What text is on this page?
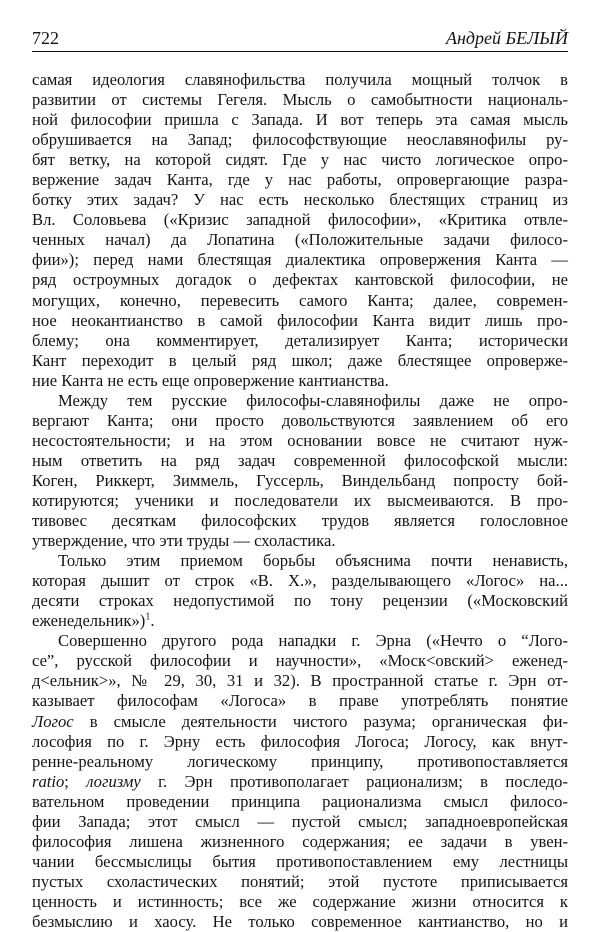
722	Андрей БЕЛЫЙ
самая идеология славянофильства получила мощный толчок в
развитии от системы Гегеля. Мысль о самобытности националь-
ной философии пришла с Запада. И вот теперь эта самая мысль
обрушивается на Запад; философствующие неославянофилы ру-
бят ветку, на которой сидят. Где у нас чисто логическое опро-
вержение задач Канта, где у нас работы, опровергающие разра-
ботку этих задач? У нас есть несколько блестящих страниц из
Вл. Соловьева («Кризис западной философии», «Критика отвле-
ченных начал) да Лопатина («Положительные задачи филосо-
фии»); перед нами блестящая диалектика опровержения Канта —
ряд остроумных догадок о дефектах кантовской философии, не
могущих, конечно, перевесить самого Канта; далее, современ-
ное неокантианство в самой философии Канта видит лишь про-
блему; она комментирует, детализирует Канта; исторически
Кант переходит в целый ряд школ; даже блестящее опроверже-
ние Канта не есть еще опровержение кантианства.
Между тем русские философы-славянофилы даже не опро-
вергают Канта; они просто довольствуются заявлением об его
несостоятельности; и на этом основании вовсе не считают нуж-
ным ответить на ряд задач современной философской мысли:
Коген, Риккерт, Зиммель, Гуссерль, Виндельбанд попросту бой-
котируются; ученики и последователи их высмеиваются. В про-
тивовес десяткам философских трудов является голословное
утверждение, что эти труды — схоластика.
Только этим приемом борьбы объяснима почти ненависть,
которая дышит от строк «В. Х.», разделывающего «Логос» на...
десяти строках недопустимой по тону рецензии («Московский
еженедельник»)$^1$.
Совершенно другого рода нападки г. Эрна («Нечто о “Лого-
се”, русской философии и научности», «Моск<овский> еженед-
д<ельник>», № 29, 30, 31 и 32). В пространной статье г. Эрн от-
казывает философам «Логоса» в праве употреблять понятие
Логос в смысле деятельности чистого разума; органическая фи-
лософия по г. Эрну есть философия Логоса; Логосу, как внут-
ренне-реальному логическому принципу, противопоставляется
ratio; логизму г. Эрн противополагает рационализм; в последо-
вательном проведении принципа рационализма смысл филосо-
фии Запада; этот смысл — пустой смысл; западноевропейская
философия лишена жизненного содержания; ее задачи в увен-
чании бессмыслицы бытия противопоставлением ему лестницы
пустых схоластических понятий; этой пустоте приписывается
ценность и истинность; все же содержание жизни относится к
безмыслию и хаосу. Не только современное кантианство, но и
